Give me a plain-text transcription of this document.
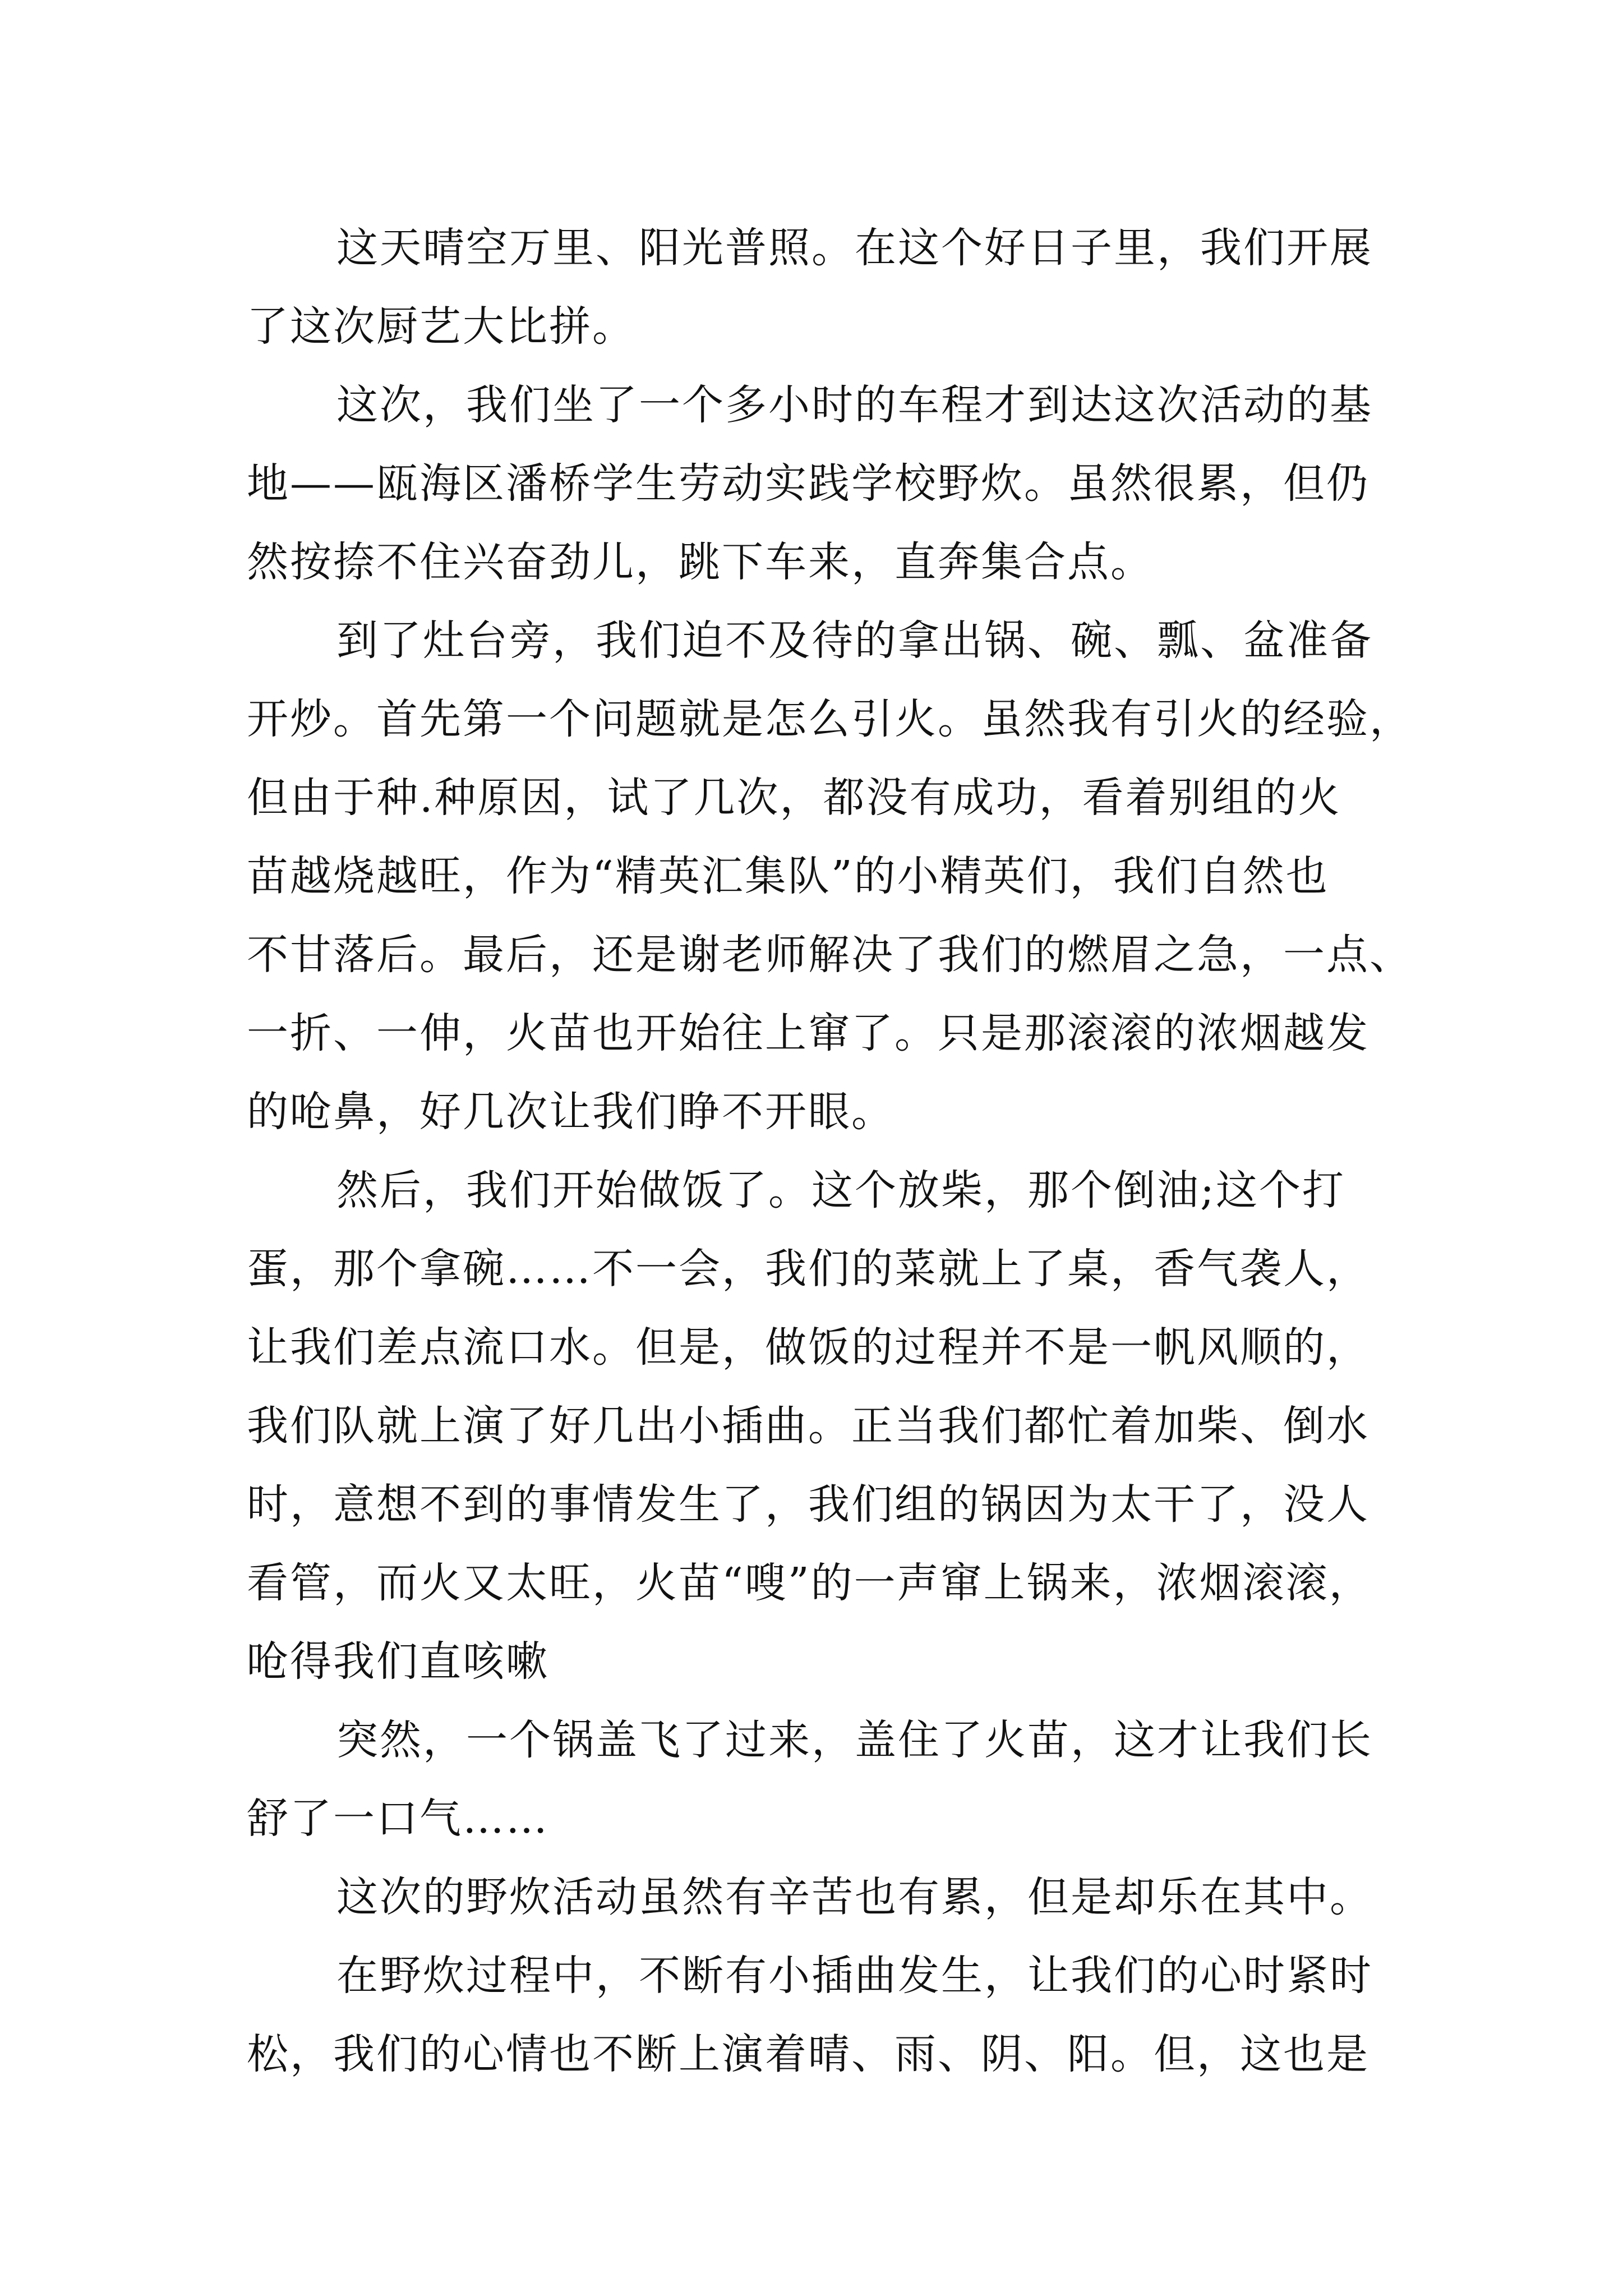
这天晴空万里、阳光普照。在这个好日子里，我们开展
了这次厨艺大比拼。
这次，我们坐了一个多小时的车程才到达这次活动的基
地——瓯海区潘桥学生劳动实践学校野炊。虽然很累，但仍
然按捺不住兴奋劲儿，跳下车来，直奔集合点。
到了灶台旁，我们迫不及待的拿出锅、碗、瓢、盆准备
开炒。首先第一个问题就是怎么引火。虽然我有引火的经验，
但由于种.种原因，试了几次，都没有成功，看着别组的火
苗越烧越旺，作为“精英汇集队”的小精英们，我们自然也
不甘落后。最后，还是谢老师解决了我们的燃眉之急，一点、
一折、一伸，火苗也开始往上窜了。只是那滚滚的浓烟越发
的呛鼻，好几次让我们睁不开眼。
然后，我们开始做饭了。这个放柴，那个倒油;这个打
蛋，那个拿碗……不一会，我们的菜就上了桌，香气袭人，
让我们差点流口水。但是，做饭的过程并不是一帆风顺的，
我们队就上演了好几出小插曲。正当我们都忙着加柴、倒水
时，意想不到的事情发生了，我们组的锅因为太干了，没人
看管，而火又太旺，火苗“嗖”的一声窜上锅来，浓烟滚滚，
呛得我们直咳嗽
突然，一个锅盖飞了过来，盖住了火苗，这才让我们长
舒了一口气……
这次的野炊活动虽然有辛苦也有累，但是却乐在其中。
在野炊过程中，不断有小插曲发生，让我们的心时紧时
松，我们的心情也不断上演着晴、雨、阴、阳。但，这也是
